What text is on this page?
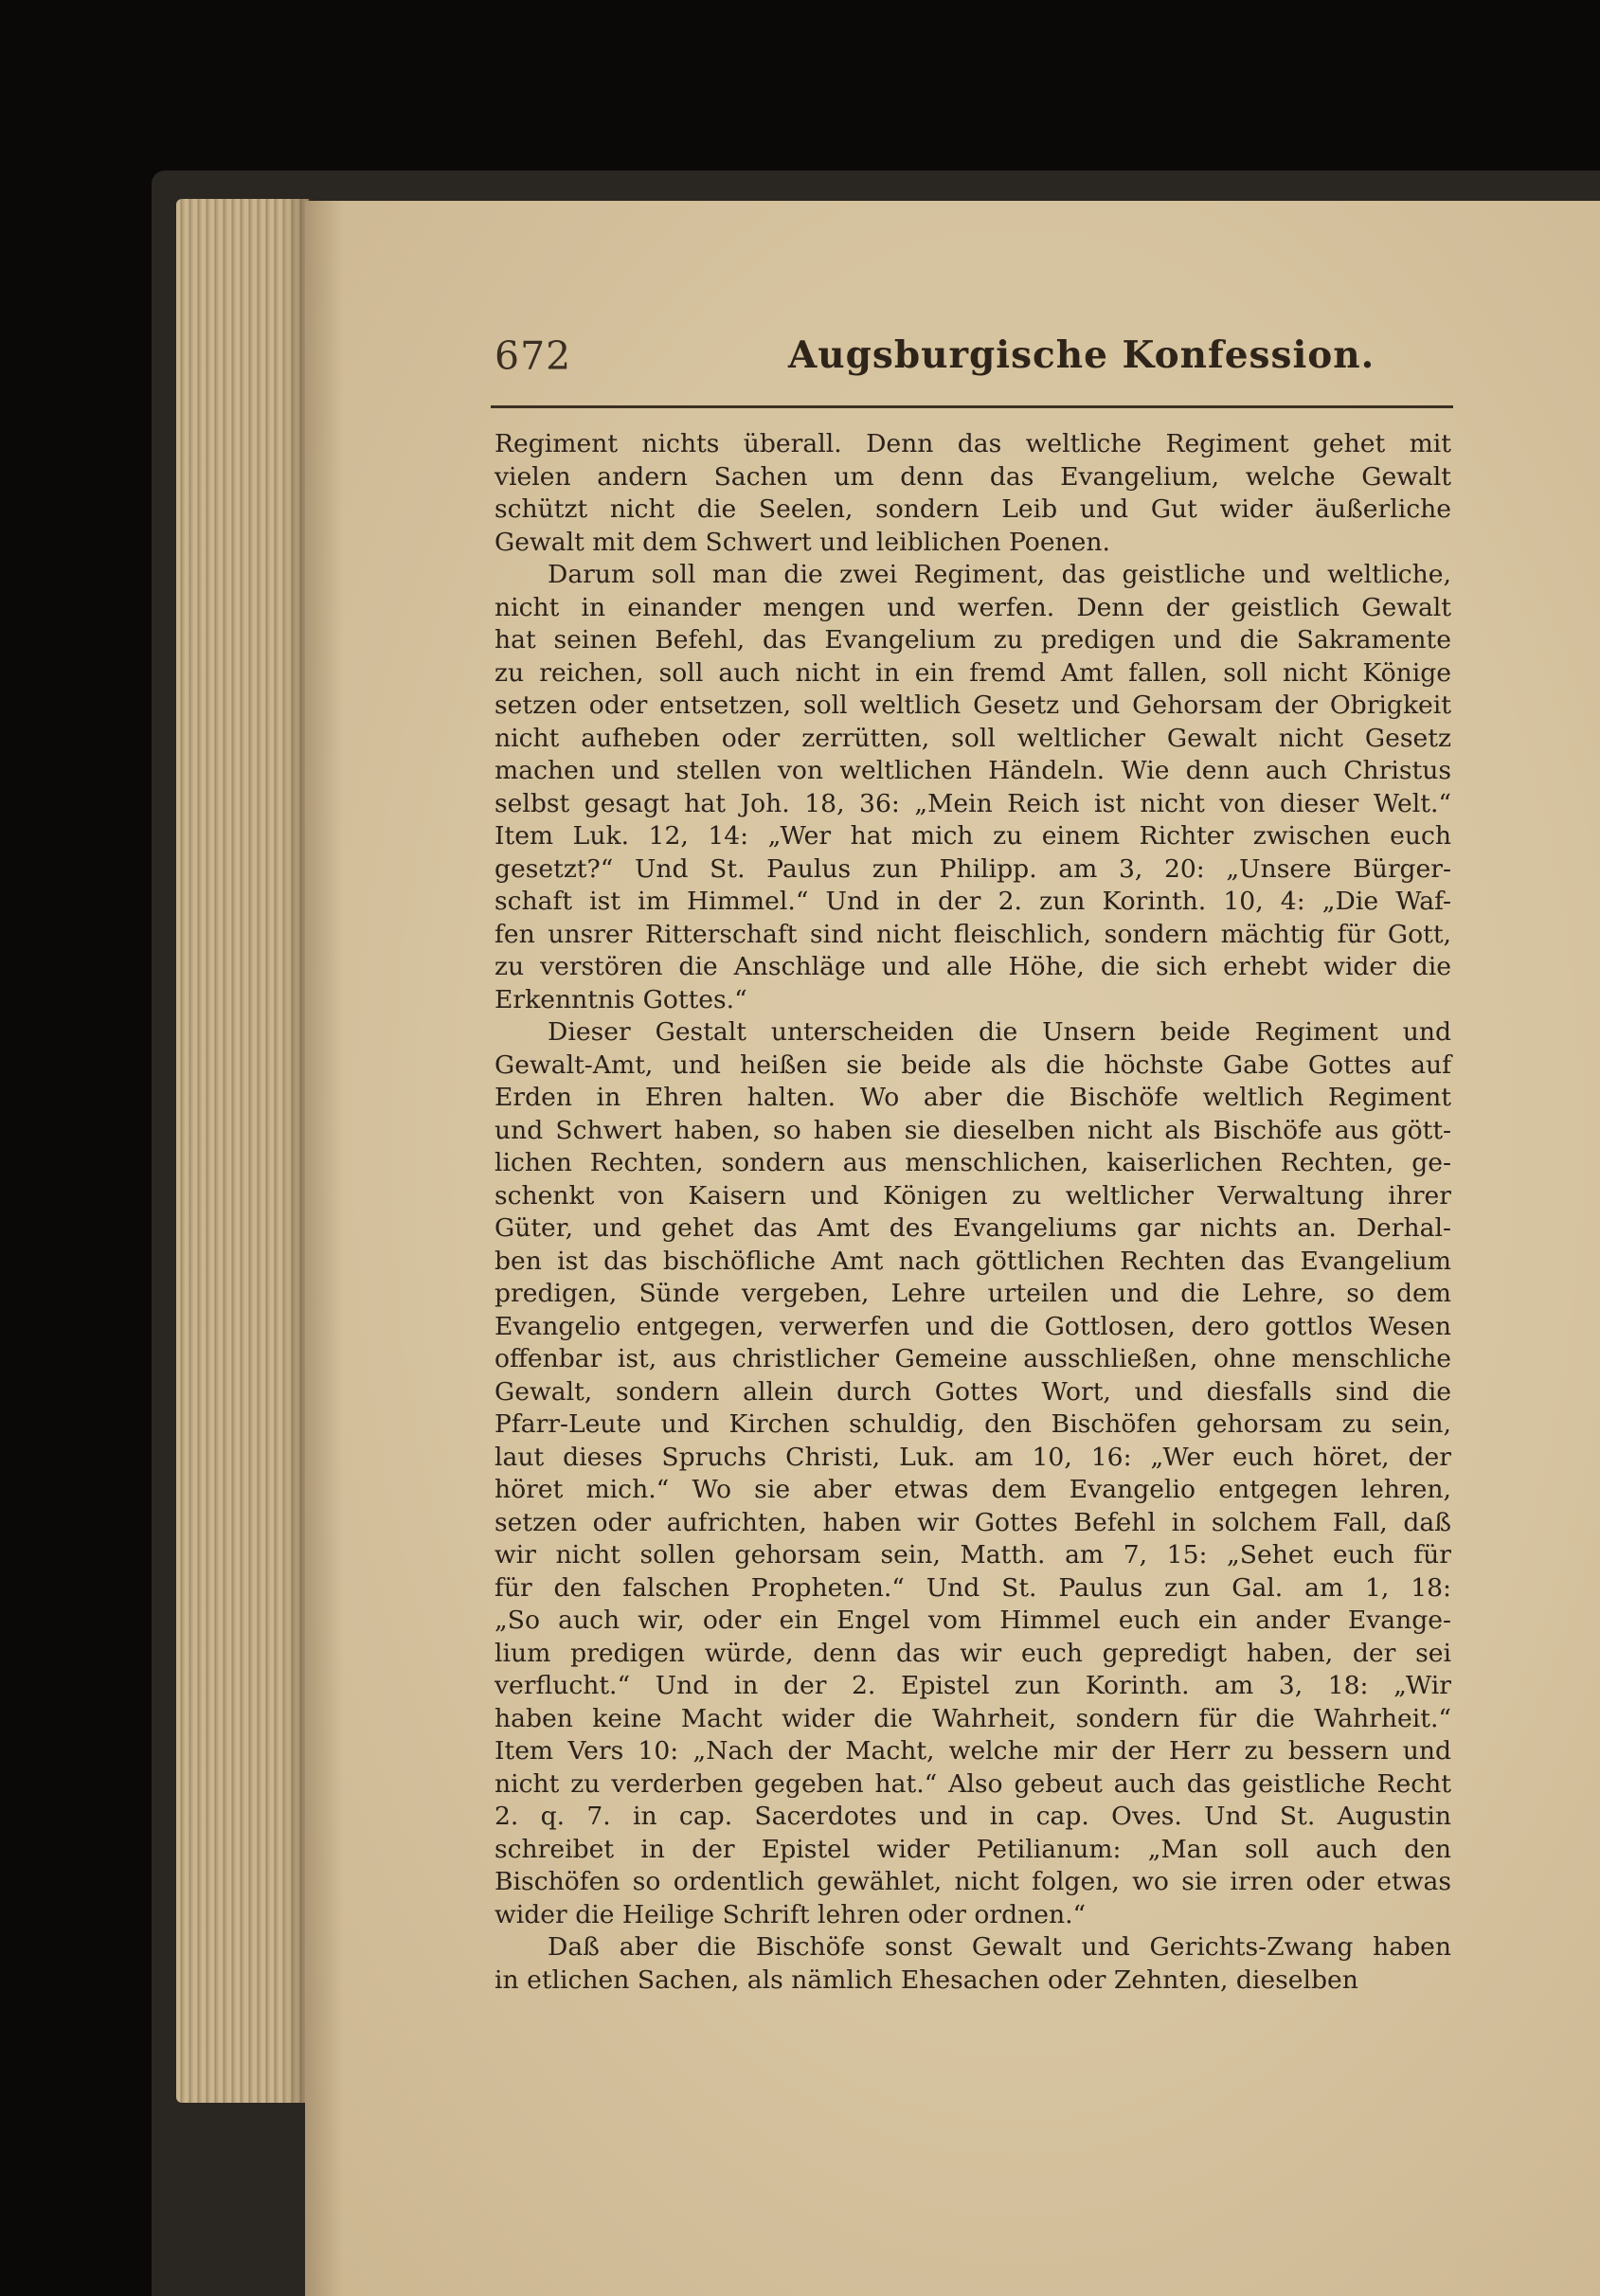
672	Augsburgische Konfession.
Regiment nichts überall. Denn das weltliche Regiment gehet mit
vielen andern Sachen um denn das Evangelium, welche Gewalt
schützt nicht die Seelen, sondern Leib und Gut wider äußerliche
Gewalt mit dem Schwert und leiblichen Poenen.
Darum soll man die zwei Regiment, das geistliche und weltliche,
nicht in einander mengen und werfen. Denn der geistlich Gewalt
hat seinen Befehl, das Evangelium zu predigen und die Sakramente
zu reichen, soll auch nicht in ein fremd Amt fallen, soll nicht Könige
setzen oder entsetzen, soll weltlich Gesetz und Gehorsam der Obrigkeit
nicht aufheben oder zerrütten, soll weltlicher Gewalt nicht Gesetz
machen und stellen von weltlichen Händeln. Wie denn auch Christus
selbst gesagt hat Joh. 18, 36: „Mein Reich ist nicht von dieser Welt.“
Item Luk. 12, 14: „Wer hat mich zu einem Richter zwischen euch
gesetzt?“ Und St. Paulus zun Philipp. am 3, 20: „Unsere Bürger-
schaft ist im Himmel.“ Und in der 2. zun Korinth. 10, 4: „Die Waf-
fen unsrer Ritterschaft sind nicht fleischlich, sondern mächtig für Gott,
zu verstören die Anschläge und alle Höhe, die sich erhebt wider die
Erkenntnis Gottes.“
Dieser Gestalt unterscheiden die Unsern beide Regiment und
Gewalt-Amt, und heißen sie beide als die höchste Gabe Gottes auf
Erden in Ehren halten. Wo aber die Bischöfe weltlich Regiment
und Schwert haben, so haben sie dieselben nicht als Bischöfe aus gött-
lichen Rechten, sondern aus menschlichen, kaiserlichen Rechten, ge-
schenkt von Kaisern und Königen zu weltlicher Verwaltung ihrer
Güter, und gehet das Amt des Evangeliums gar nichts an. Derhal-
ben ist das bischöfliche Amt nach göttlichen Rechten das Evangelium
predigen, Sünde vergeben, Lehre urteilen und die Lehre, so dem
Evangelio entgegen, verwerfen und die Gottlosen, dero gottlos Wesen
offenbar ist, aus christlicher Gemeine ausschließen, ohne menschliche
Gewalt, sondern allein durch Gottes Wort, und diesfalls sind die
Pfarr-Leute und Kirchen schuldig, den Bischöfen gehorsam zu sein,
laut dieses Spruchs Christi, Luk. am 10, 16: „Wer euch höret, der
höret mich.“ Wo sie aber etwas dem Evangelio entgegen lehren,
setzen oder aufrichten, haben wir Gottes Befehl in solchem Fall, daß
wir nicht sollen gehorsam sein, Matth. am 7, 15: „Sehet euch für
für den falschen Propheten.“ Und St. Paulus zun Gal. am 1, 18:
„So auch wir, oder ein Engel vom Himmel euch ein ander Evange-
lium predigen würde, denn das wir euch gepredigt haben, der sei
verflucht.“ Und in der 2. Epistel zun Korinth. am 3, 18: „Wir
haben keine Macht wider die Wahrheit, sondern für die Wahrheit.“
Item Vers 10: „Nach der Macht, welche mir der Herr zu bessern und
nicht zu verderben gegeben hat.“ Also gebeut auch das geistliche Recht
2. q. 7. in cap. Sacerdotes und in cap. Oves. Und St. Augustin
schreibet in der Epistel wider Petilianum: „Man soll auch den
Bischöfen so ordentlich gewählet, nicht folgen, wo sie irren oder etwas
wider die Heilige Schrift lehren oder ordnen.“
Daß aber die Bischöfe sonst Gewalt und Gerichts-Zwang haben
in etlichen Sachen, als nämlich Ehesachen oder Zehnten, dieselben
